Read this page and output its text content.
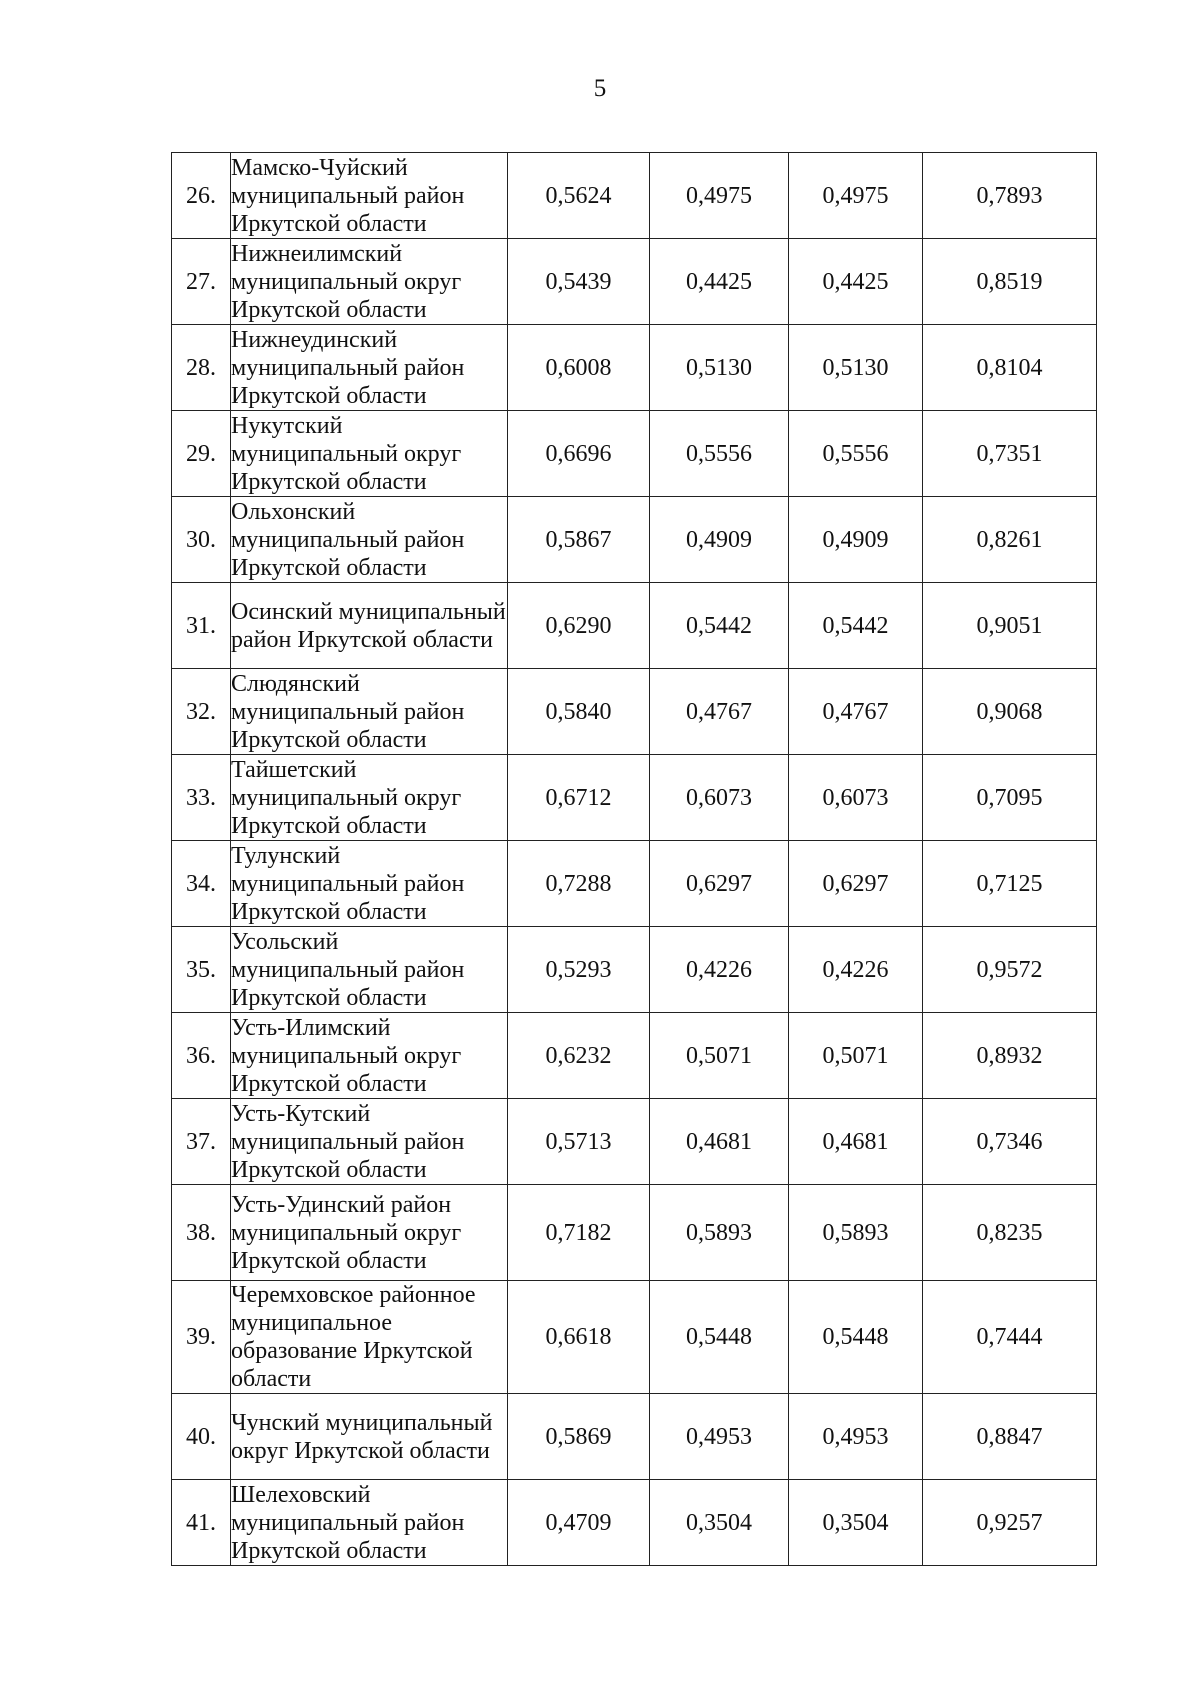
5
26.	Мамско-Чуйский муниципальный район Иркутской области	0,5624	0,4975	0,4975	0,7893
27.	Нижнеилимский муниципальный округ Иркутской области	0,5439	0,4425	0,4425	0,8519
28.	Нижнеудинский муниципальный район Иркутской области	0,6008	0,5130	0,5130	0,8104
29.	Нукутский муниципальный округ Иркутской области	0,6696	0,5556	0,5556	0,7351
30.	Ольхонский муниципальный район Иркутской области	0,5867	0,4909	0,4909	0,8261
31.	Осинский муниципальный район Иркутской области	0,6290	0,5442	0,5442	0,9051
32.	Слюдянский муниципальный район Иркутской области	0,5840	0,4767	0,4767	0,9068
33.	Тайшетский муниципальный округ Иркутской области	0,6712	0,6073	0,6073	0,7095
34.	Тулунский муниципальный район Иркутской области	0,7288	0,6297	0,6297	0,7125
35.	Усольский муниципальный район Иркутской области	0,5293	0,4226	0,4226	0,9572
36.	Усть-Илимский муниципальный округ Иркутской области	0,6232	0,5071	0,5071	0,8932
37.	Усть-Кутский муниципальный район Иркутской области	0,5713	0,4681	0,4681	0,7346
38.	Усть-Удинский район муниципальный округ Иркутской области	0,7182	0,5893	0,5893	0,8235
39.	Черемховское районное муниципальное образование Иркутской области	0,6618	0,5448	0,5448	0,7444
40.	Чунский муниципальный округ Иркутской области	0,5869	0,4953	0,4953	0,8847
41.	Шелеховский муниципальный район Иркутской области	0,4709	0,3504	0,3504	0,9257
